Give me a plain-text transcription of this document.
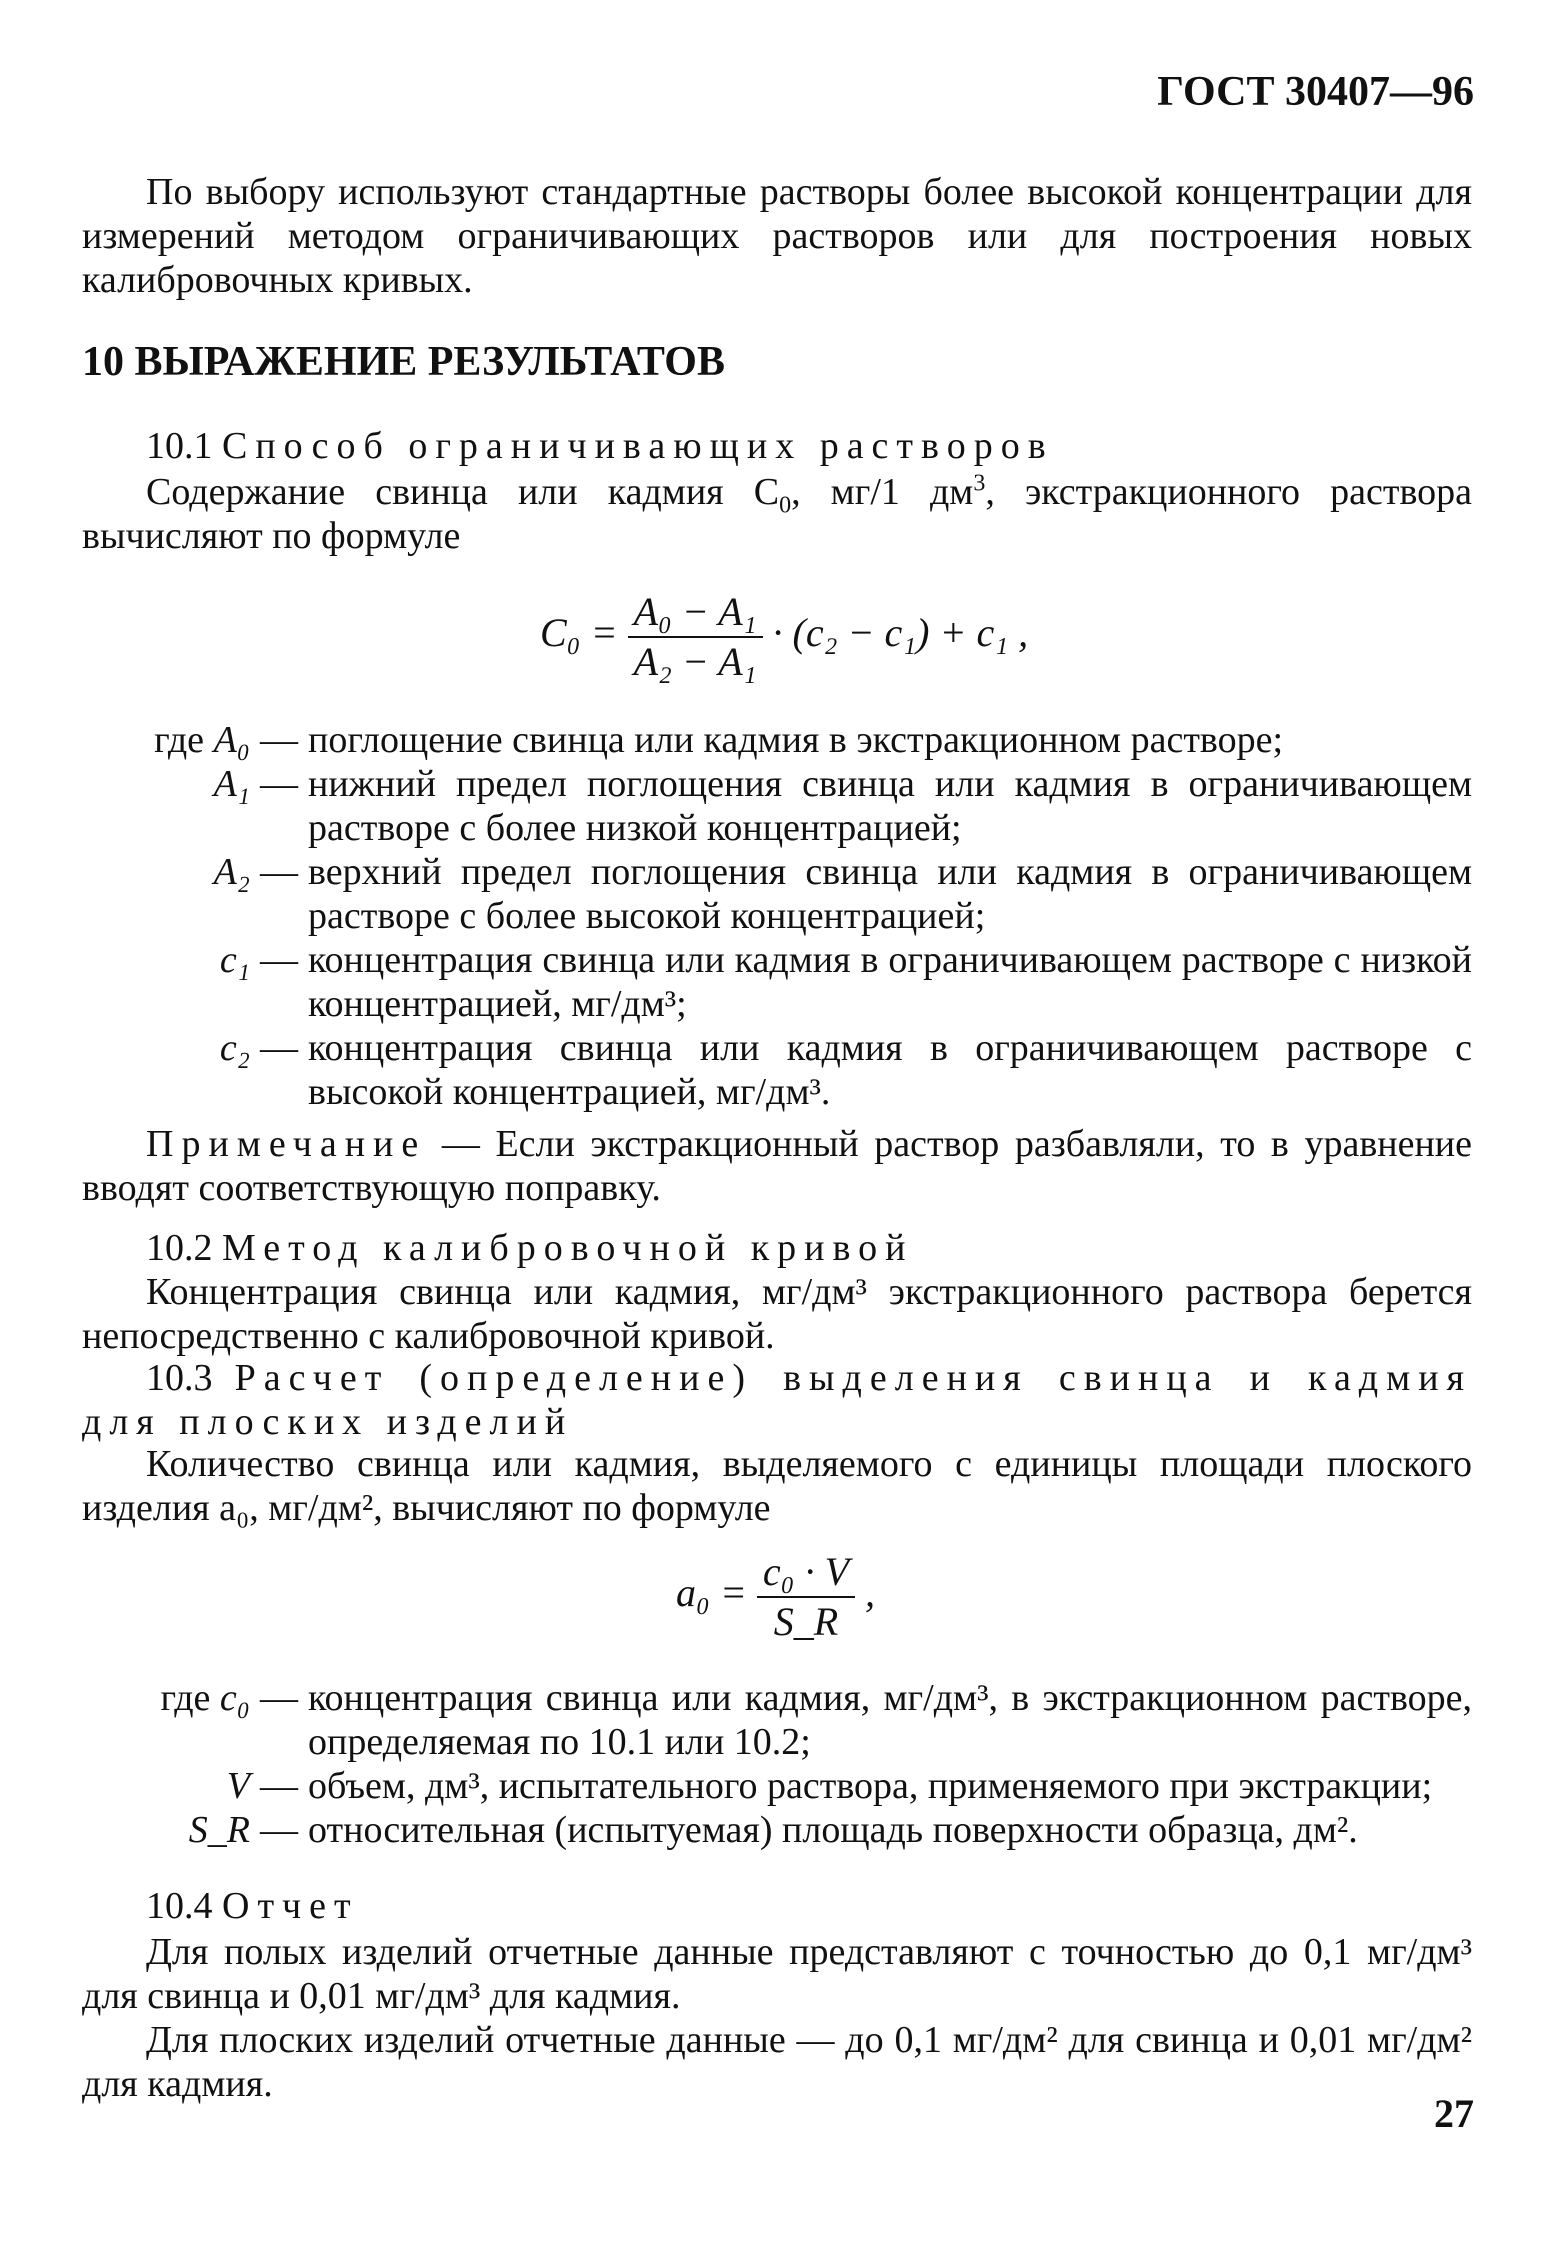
ГОСТ 30407—96
По выбору используют стандартные растворы более высокой концентрации для измерений методом ограничивающих растворов или для построения новых калибровочных кривых.
10 ВЫРАЖЕНИЕ РЕЗУЛЬТАТОВ
10.1 Способ ограничивающих растворов
Содержание свинца или кадмия $C_0$, мг/1 $дм^3$, экстракционного раствора вычисляют по формуле
$C_0 = \frac{\text{A₀ − A₁}}{\text{A₂ − A₁}} \cdot (c_2 - c_1) + c_1$ ,
где A₀ — поглощение свинца или кадмия в экстракционном растворе;
A₁ — нижний предел поглощения свинца или кадмия в ограничивающем растворе с более низкой концентрацией;
A₂ — верхний предел поглощения свинца или кадмия в ограничивающем растворе с более высокой концентрацией;
c₁ — концентрация свинца или кадмия в ограничивающем растворе с низкой концентрацией, мг/дм³;
c₂ — концентрация свинца или кадмия в ограничивающем растворе с высокой концентрацией, мг/дм³.
Примечание — Если экстракционный раствор разбавляли, то в уравнение вводят соответствующую поправку.
10.2 Метод калибровочной кривой
Концентрация свинца или кадмия, мг/дм³ экстракционного раствора берется непосредственно с калибровочной кривой.
10.3 Расчет (определение) выделения свинца и кадмия для плоских изделий
Количество свинца или кадмия, выделяемого с единицы площади плоского изделия a₀, мг/дм², вычисляют по формуле
$a_0 = \frac{\text{c₀ · V}}{S\_R}$ ,
где c₀ — концентрация свинца или кадмия, мг/дм³, в экстракционном растворе, определяемая по 10.1 или 10.2;
V — объем, дм³, испытательного раствора, применяемого при экстракции;
S_R — относительная (испытуемая) площадь поверхности образца, дм².
10.4 Отчет
Для полых изделий отчетные данные представляют с точностью до 0,1 мг/дм³ для свинца и 0,01 мг/дм³ для кадмия.
Для плоских изделий отчетные данные — до 0,1 мг/дм² для свинца и 0,01 мг/дм² для кадмия.
27
